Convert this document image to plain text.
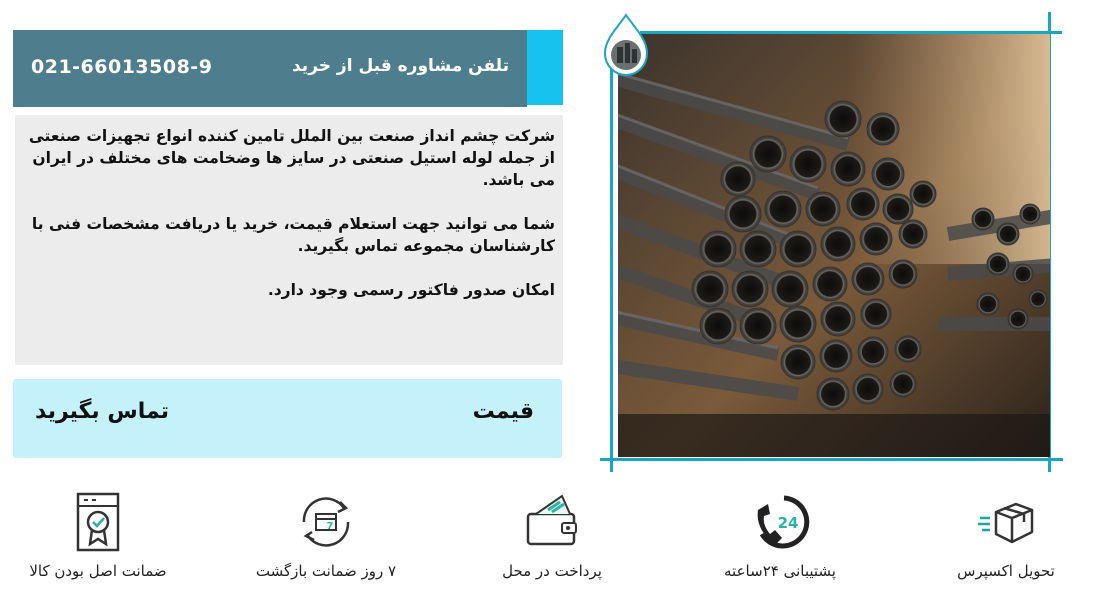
تلفن مشاوره قبل از خرید
021-66013508-9

شرکت چشم انداز صنعت بین الملل تامین کننده انواع تجهیزات صنعتی از جمله لوله استیل صنعتی در سایز ها وضخامت های مختلف در ایران می باشد.

شما می توانید جهت استعلام قیمت، خرید یا دریافت مشخصات فنی با کارشناسان مجموعه تماس بگیرید.

امکان صدور فاکتور رسمی وجود دارد.

قیمت
تماس بگیرید
تحویل اکسپرس
24
پشتیبانی ۲۴ساعته
پرداخت در محل
7
۷ روز ضمانت بازگشت
ضمانت اصل بودن کالا
